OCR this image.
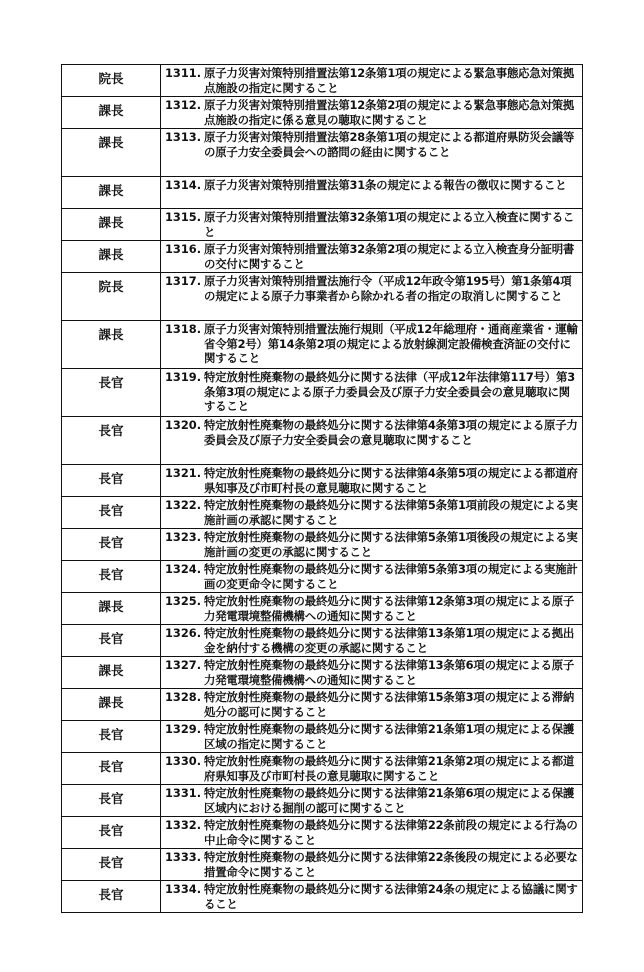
院長	1311. 原子力災害対策特別措置法第12条第1項の規定による緊急事態応急対策拠点施設の指定に関すること

課長	1312. 原子力災害対策特別措置法第12条第2項の規定による緊急事態応急対策拠点施設の指定に係る意見の聴取に関すること

課長	1313. 原子力災害対策特別措置法第28条第1項の規定による都道府県防災会議等の原子力安全委員会への諮問の経由に関すること

課長	1314. 原子力災害対策特別措置法第31条の規定による報告の徴収に関すること

課長	1315. 原子力災害対策特別措置法第32条第1項の規定による立入検査に関すること

課長	1316. 原子力災害対策特別措置法第32条第2項の規定による立入検査身分証明書の交付に関すること

院長	1317. 原子力災害対策特別措置法施行令（平成12年政令第195号）第1条第4項の規定による原子力事業者から除かれる者の指定の取消しに関すること

課長	1318. 原子力災害対策特別措置法施行規則（平成12年総理府・通商産業省・運輸省令第2号）第14条第2項の規定による放射線測定設備検査済証の交付に関すること

長官	1319. 特定放射性廃棄物の最終処分に関する法律（平成12年法律第117号）第3条第3項の規定による原子力委員会及び原子力安全委員会の意見聴取に関すること

長官	1320. 特定放射性廃棄物の最終処分に関する法律第4条第3項の規定による原子力委員会及び原子力安全委員会の意見聴取に関すること

長官	1321. 特定放射性廃棄物の最終処分に関する法律第4条第5項の規定による都道府県知事及び市町村長の意見聴取に関すること

長官	1322. 特定放射性廃棄物の最終処分に関する法律第5条第1項前段の規定による実施計画の承認に関すること

長官	1323. 特定放射性廃棄物の最終処分に関する法律第5条第1項後段の規定による実施計画の変更の承認に関すること

長官	1324. 特定放射性廃棄物の最終処分に関する法律第5条第3項の規定による実施計画の変更命令に関すること

課長	1325. 特定放射性廃棄物の最終処分に関する法律第12条第3項の規定による原子力発電環境整備機構への通知に関すること

長官	1326. 特定放射性廃棄物の最終処分に関する法律第13条第1項の規定による拠出金を納付する機構の変更の承認に関すること

課長	1327. 特定放射性廃棄物の最終処分に関する法律第13条第6項の規定による原子力発電環境整備機構への通知に関すること

課長	1328. 特定放射性廃棄物の最終処分に関する法律第15条第3項の規定による滞納処分の認可に関すること

長官	1329. 特定放射性廃棄物の最終処分に関する法律第21条第1項の規定による保護区域の指定に関すること

長官	1330. 特定放射性廃棄物の最終処分に関する法律第21条第2項の規定による都道府県知事及び市町村長の意見聴取に関すること

長官	1331. 特定放射性廃棄物の最終処分に関する法律第21条第6項の規定による保護区域内における掘削の認可に関すること

長官	1332. 特定放射性廃棄物の最終処分に関する法律第22条前段の規定による行為の中止命令に関すること

長官	1333. 特定放射性廃棄物の最終処分に関する法律第22条後段の規定による必要な措置命令に関すること

長官	1334. 特定放射性廃棄物の最終処分に関する法律第24条の規定による協議に関すること
